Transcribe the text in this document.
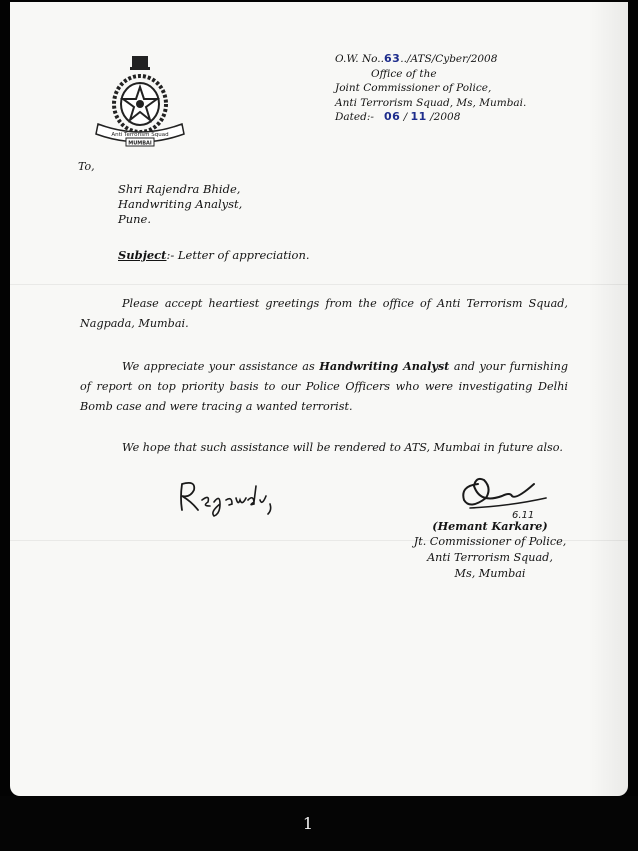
Anti Terrorism Squad
MUMBAI
O.W. No..63../ATS/Cyber/2008
Office of the
Joint Commissioner of Police,
Anti Terrorism Squad, Ms, Mumbai.
Dated:- 06 / 11 /2008
To,
Shri Rajendra Bhide,
Handwriting Analyst,
Pune.
Subject:- Letter of appreciation.
Please accept heartiest greetings from the office of Anti Terrorism Squad, Nagpada, Mumbai.
We appreciate your assistance as Handwriting Analyst and your furnishing of report on top priority basis to our Police Officers who were investigating Delhi Bomb case and were tracing a wanted terrorist.
We hope that such assistance will be rendered to ATS, Mumbai in future also.
Regards,	6.11
(Hemant Karkare)
Jt. Commissioner of Police,
Anti Terrorism Squad,
Ms, Mumbai
1
